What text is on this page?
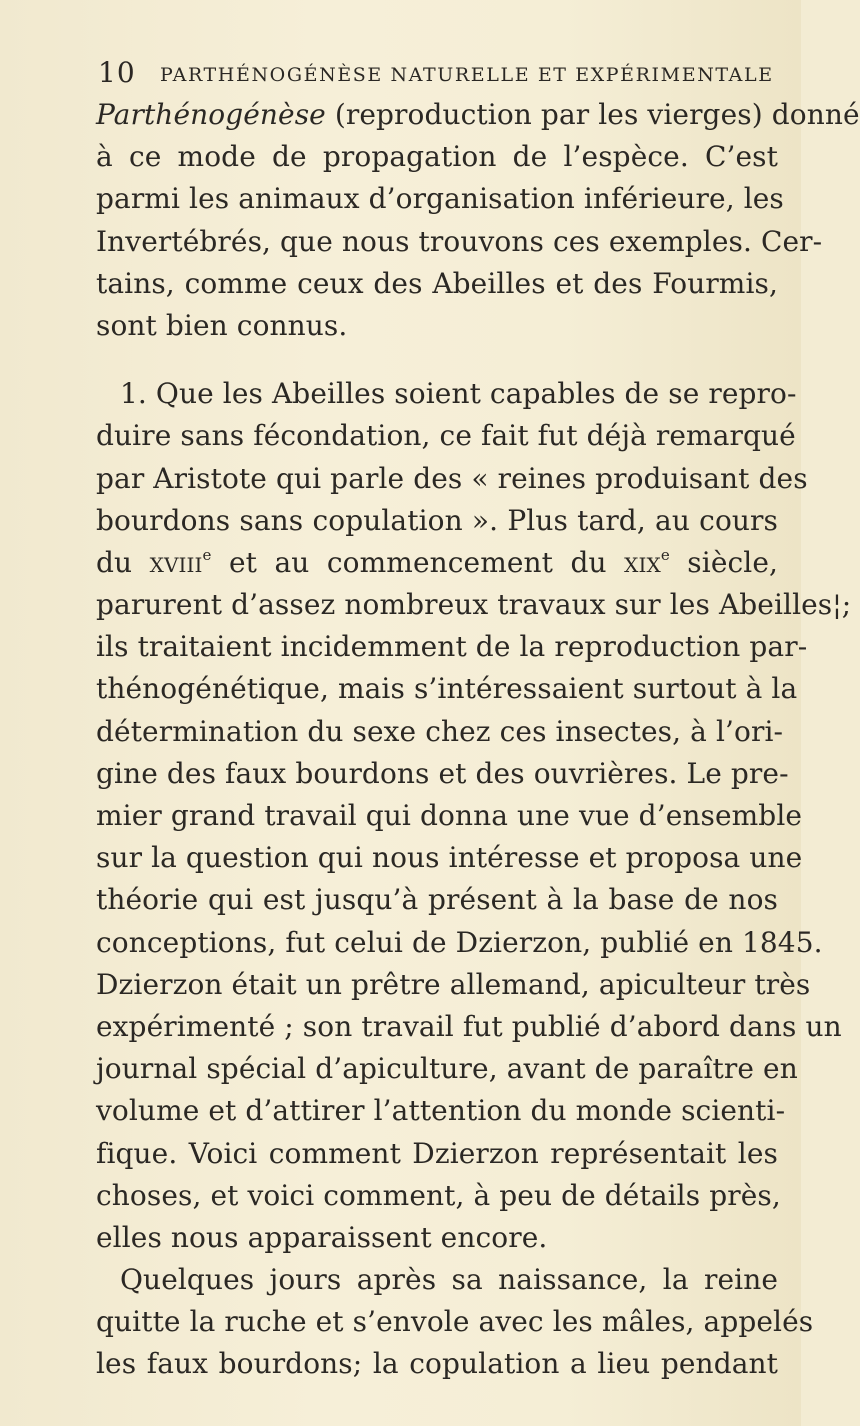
10 PARTHÉNOGÉNÈSE NATURELLE ET EXPÉRIMENTALE
Parthénogénèse (reproduction par les vierges) donné
à ce mode de propagation de l’espèce. C’est
parmi les animaux d’organisation inférieure, les
Invertébrés, que nous trouvons ces exemples. Cer-
tains, comme ceux des Abeilles et des Fourmis,
sont bien connus.
1. Que les Abeilles soient capables de se repro-
duire sans fécondation, ce fait fut déjà remarqué
par Aristote qui parle des « reines produisant des
bourdons sans copulation ». Plus tard, au cours
du xviii$^e$ et au commencement du xix$^e$ siècle,
parurent d’assez nombreux travaux sur les Abeilles¦;
ils traitaient incidemment de la reproduction par-
thénogénétique, mais s’intéressaient surtout à la
détermination du sexe chez ces insectes, à l’ori-
gine des faux bourdons et des ouvrières. Le pre-
mier grand travail qui donna une vue d’ensemble
sur la question qui nous intéresse et proposa une
théorie qui est jusqu’à présent à la base de nos
conceptions, fut celui de Dzierzon, publié en 1845.
Dzierzon était un prêtre allemand, apiculteur très
expérimenté ; son travail fut publié d’abord dans un
journal spécial d’apiculture, avant de paraître en
volume et d’attirer l’attention du monde scienti-
fique. Voici comment Dzierzon représentait les
choses, et voici comment, à peu de détails près,
elles nous apparaissent encore.
Quelques jours après sa naissance, la reine
quitte la ruche et s’envole avec les mâles, appelés
les faux bourdons; la copulation a lieu pendant
